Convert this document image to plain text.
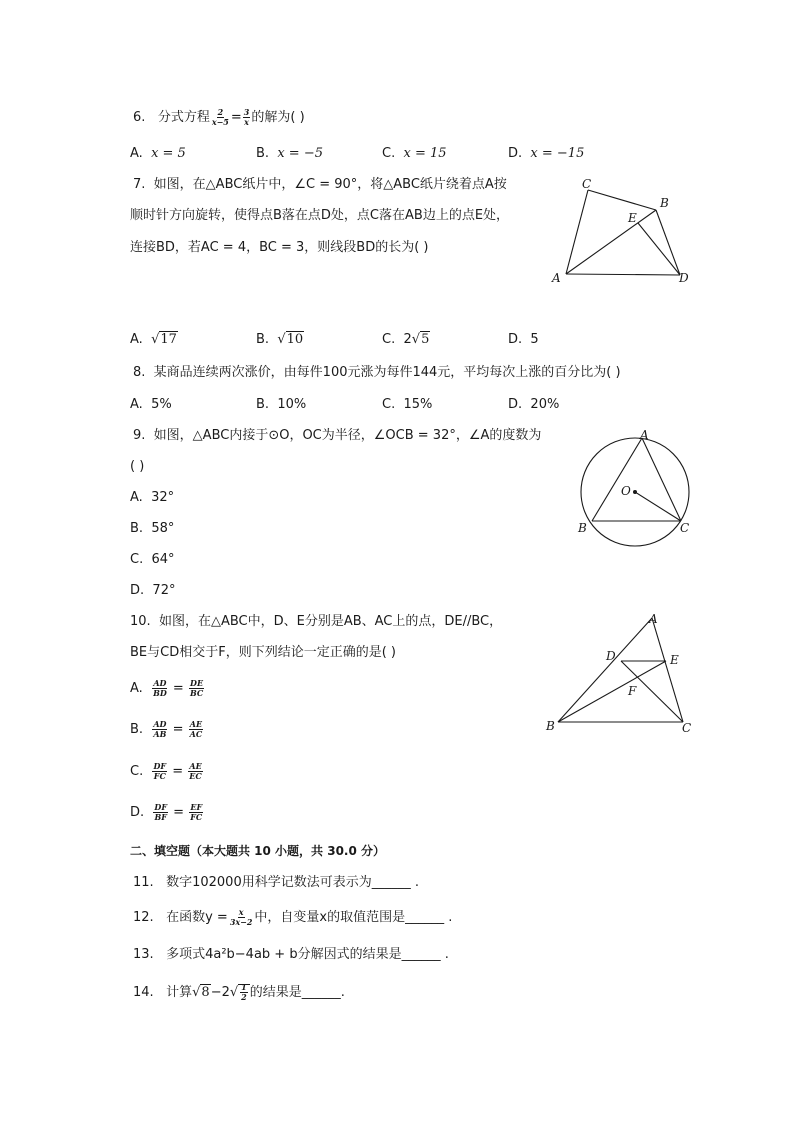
6. 分式方程 $\frac{2}{x-5} = \frac{3}{x}$ 的解为( )
A. x = 5	B. x = −5	C. x = 15	D. x = −15
7. 如图，在△ABC纸片中，∠C = 90°，将△ABC纸片绕着点A按
顺时针方向旋转，使得点B落在点D处，点C落在AB边上的点E处，
连接BD，若AC = 4，BC = 3，则线段BD的长为( )
C
B
E
A	D
A. √17	B. √10	C. 2√5	D. 5
8. 某商品连续两次涨价，由每件100元涨为每件144元，平均每次上涨的百分比为( )
A. 5%	B. 10%	C. 15%	D. 20%
9. 如图，△ABC内接于⊙O，OC为半径，∠OCB = 32°，∠A的度数为
( )
A. 32°
B. 58°
C. 64°
D. 72°
A
O
B	C
10. 如图，在△ABC中，D、E分别是AB、AC上的点，DE//BC，
BE与CD相交于F，则下列结论一定正确的是( )
A. $\frac{AD}{BD} = \frac{DE}{BC}$
B. $\frac{AD}{AB} = \frac{AE}{AC}$
C. $\frac{DF}{FC} = \frac{AE}{EC}$
D. $\frac{DF}{BF} = \frac{EF}{FC}$
A
D	E
F
B	C
二、填空题（本大题共 10 小题，共 30.0 分）
11. 数字102000用科学记数法可表示为______ .
12. 在函数$y = \frac{x}{3x-2}$ 中，自变量x的取值范围是______ .
13. 多项式4a²b−4ab + b分解因式的结果是______ .
14. 计算$√8-2√ \frac{1}{2}$ 的结果是______.
